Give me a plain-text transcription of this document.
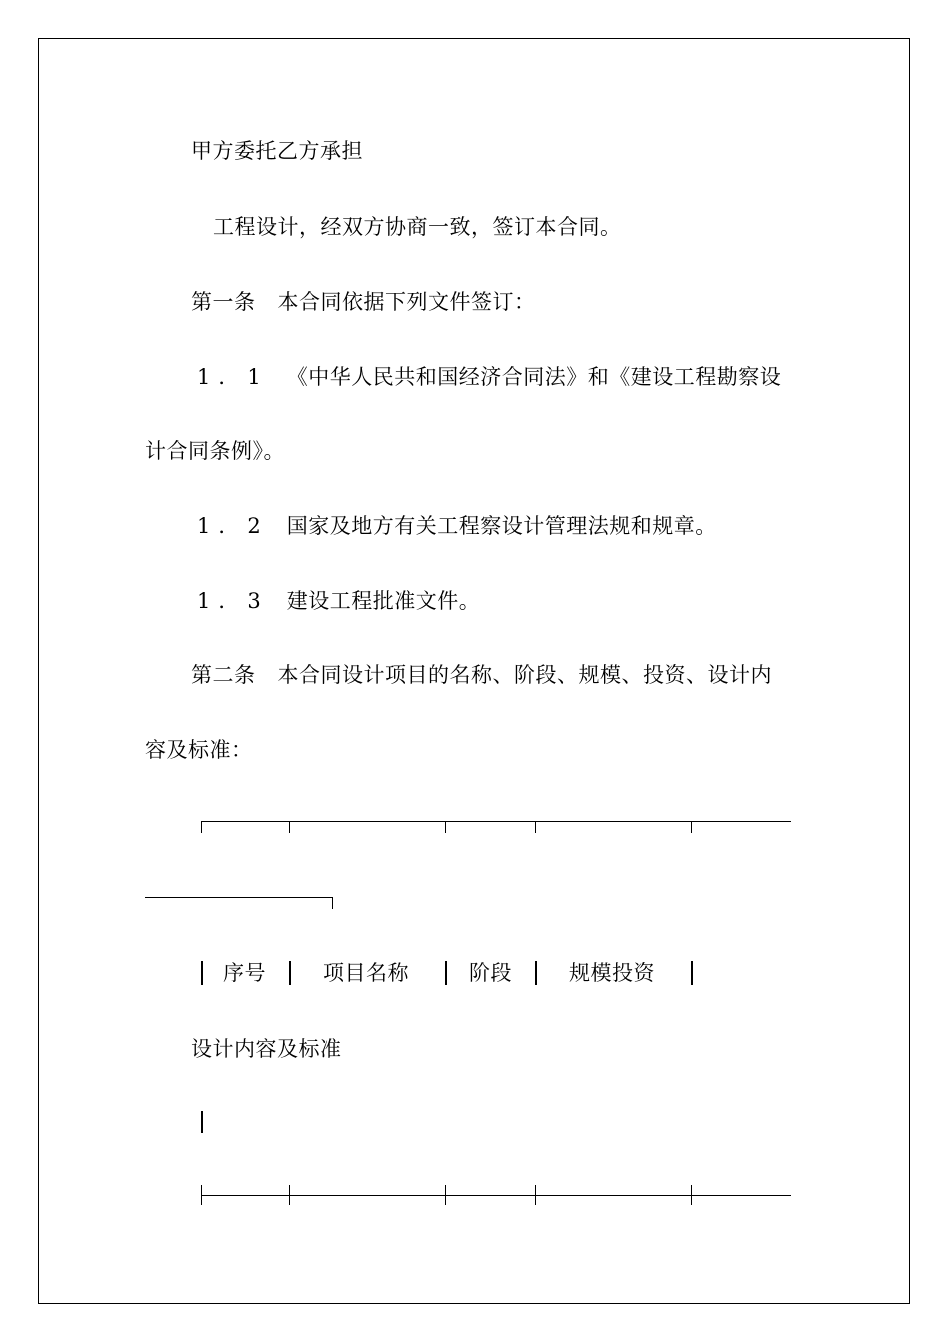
甲方委托乙方承担
工程设计，经双方协商一致，签订本合同。
第一条 本合同依据下列文件签订：
1．1 《中华人民共和国经济合同法》和《建设工程勘察设
计合同条例》。
1．2 国家及地方有关工程察设计管理法规和规章。
1．3 建设工程批准文件。
第二条 本合同设计项目的名称、阶段、规模、投资、设计内
容及标准：
序号	项目名称	阶段	规模投资
设计内容及标准
